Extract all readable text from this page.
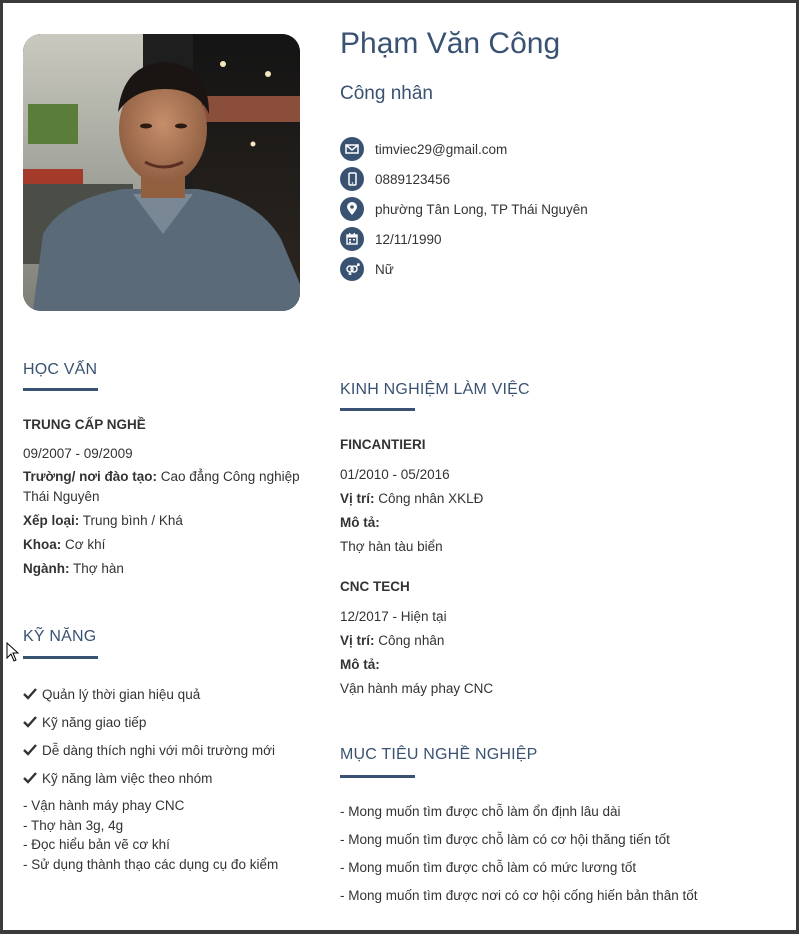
Phạm Văn Công
Công nhân
timviec29@gmail.com
0889123456
phường Tân Long, TP Thái Nguyên
12/11/1990
Nữ
HỌC VẤN
TRUNG CẤP NGHỀ
09/2007 - 09/2009
Trường/ nơi đào tạo: Cao đẳng Công nghiệp
Thái Nguyên
Xếp loại: Trung bình / Khá
Khoa: Cơ khí
Ngành: Thợ hàn
KỸ NĂNG
Quản lý thời gian hiệu quả
Kỹ năng giao tiếp
Dễ dàng thích nghi với môi trường mới
Kỹ năng làm việc theo nhóm
- Vận hành máy phay CNC
- Thợ hàn 3g, 4g
- Đọc hiểu bản vẽ cơ khí
- Sử dụng thành thạo các dụng cụ đo kiểm
KINH NGHIỆM LÀM VIỆC
FINCANTIERI
01/2010 - 05/2016
Vị trí: Công nhân XKLĐ
Mô tả:
Thợ hàn tàu biển
CNC TECH
12/2017 - Hiện tại
Vị trí: Công nhân
Mô tả:
Vận hành máy phay CNC
MỤC TIÊU NGHỀ NGHIỆP
- Mong muốn tìm được chỗ làm ổn định lâu dài
- Mong muốn tìm được chỗ làm có cơ hội thăng tiến tốt
- Mong muốn tìm được chỗ làm có mức lương tốt
- Mong muốn tìm được nơi có cơ hội cống hiến bản thân tốt
